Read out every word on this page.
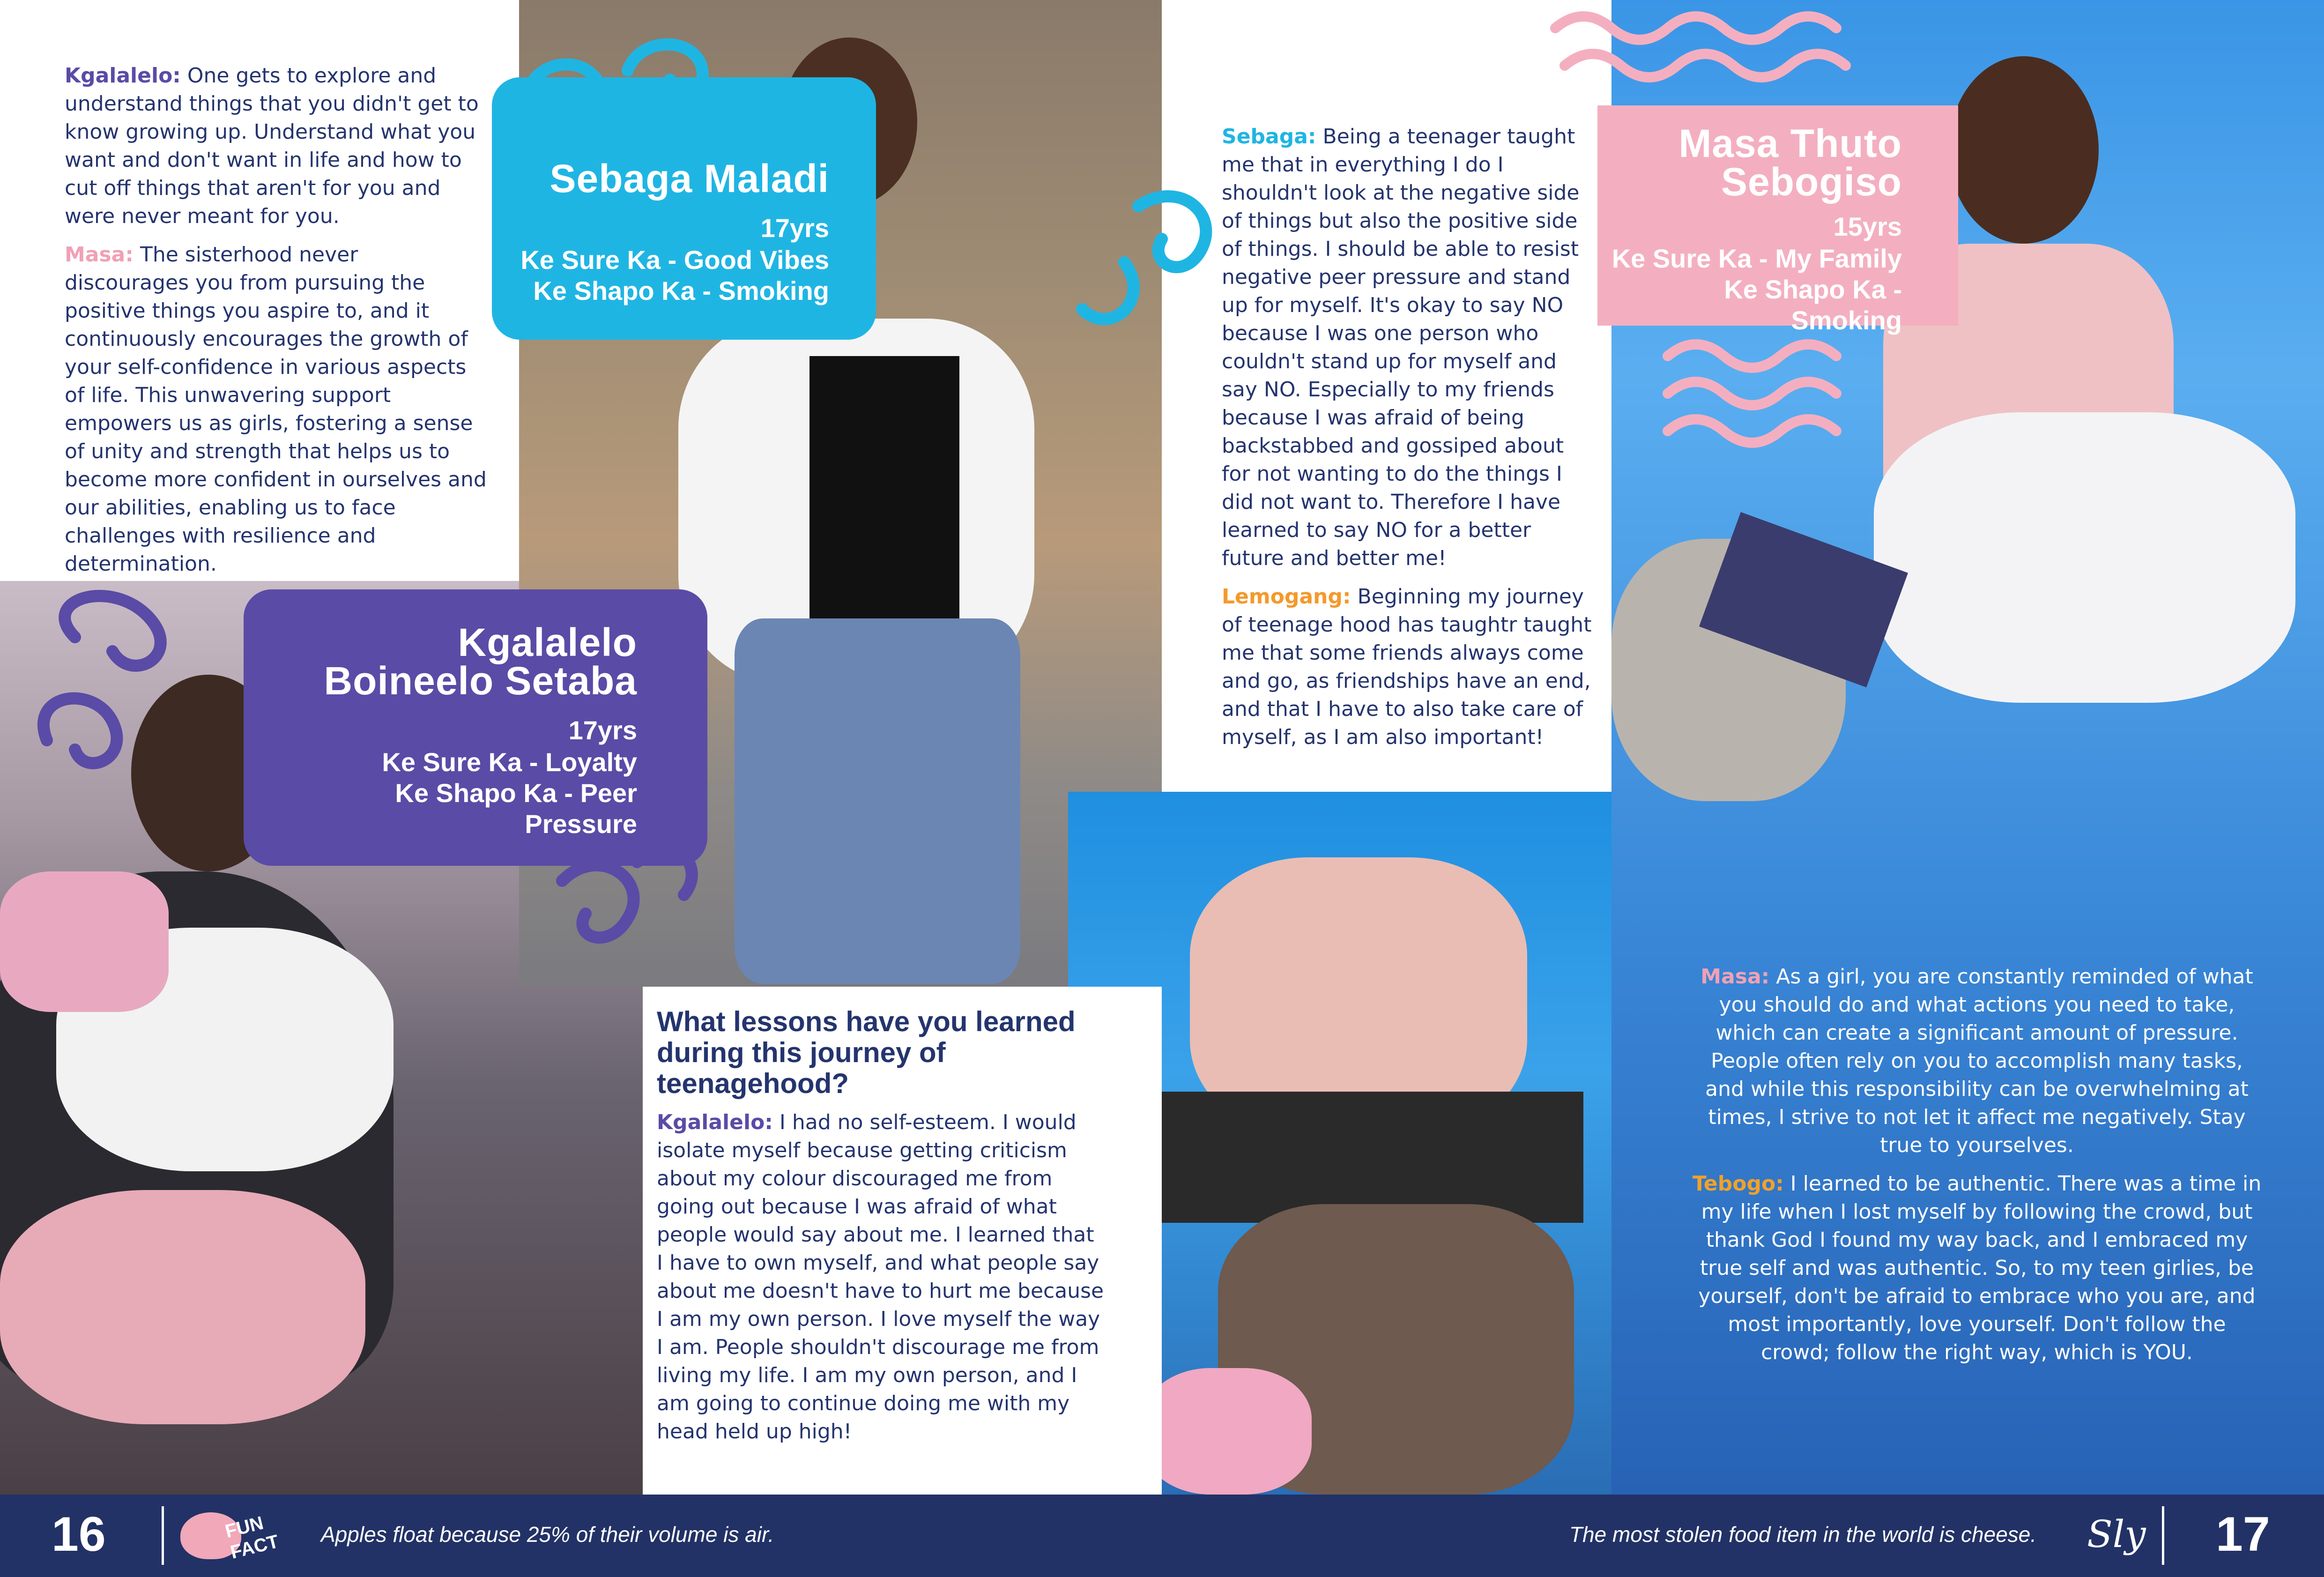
Sebaga Maladi
17yrs
Ke Sure Ka - Good Vibes
Ke Shapo Ka - Smoking
Kgalalelo
Boineelo Setaba
17yrs
Ke Sure Ka - Loyalty
Ke Shapo Ka - Peer
Pressure
Masa Thuto
Sebogiso
15yrs
Ke Sure Ka - My Family
Ke Shapo Ka - Smoking

Kgalalelo: One gets to explore and understand things that you didn't get to know growing up. Understand what you want and don't want in life and how to cut off things that aren't for you and were never meant for you.

Masa: The sisterhood never discourages you from pursuing the positive things you aspire to, and it continuously encourages the growth of your self-confidence in various aspects of life. This unwavering support empowers us as girls, fostering a sense of unity and strength that helps us to become more confident in ourselves and our abilities, enabling us to face challenges with resilience and determination.

What lessons have you learned during this journey of teenagehood?

Kgalalelo: I had no self-esteem. I would isolate myself because getting criticism about my colour discouraged me from going out because I was afraid of what people would say about me. I learned that I have to own myself, and what people say about me doesn't have to hurt me because I am my own person. I love myself the way I am. People shouldn't discourage me from living my life. I am my own person, and I am going to continue doing me with my head held up high!

Sebaga: Being a teenager taught me that in everything I do I shouldn't look at the negative side of things but also the positive side of things. I should be able to resist negative peer pressure and stand up for myself. It's okay to say NO because I was one person who couldn't stand up for myself and say NO. Especially to my friends because I was afraid of being backstabbed and gossiped about for not wanting to do the things I did not want to. Therefore I have learned to say NO for a better future and better me!

Lemogang: Beginning my journey of teenage hood has taughtr taught me that some friends always come and go, as friendships have an end, and that I have to also take care of myself, as I am also important!

Masa: As a girl, you are constantly reminded of what you should do and what actions you need to take, which can create a significant amount of pressure. People often rely on you to accomplish many tasks, and while this responsibility can be overwhelming at times, I strive to not let it affect me negatively. Stay true to yourselves.

Tebogo: I learned to be authentic. There was a time in my life when I lost myself by following the crowd, but thank God I found my way back, and I embraced my true self and was authentic. So, to my teen girlies, be yourself, don't be afraid to embrace who you are, and most importantly, love yourself. Don't follow the crowd; follow the right way, which is YOU.

16	FUN FACT	Apples float because 25% of their volume is air.	The most stolen food item in the world is cheese. Sly 17
